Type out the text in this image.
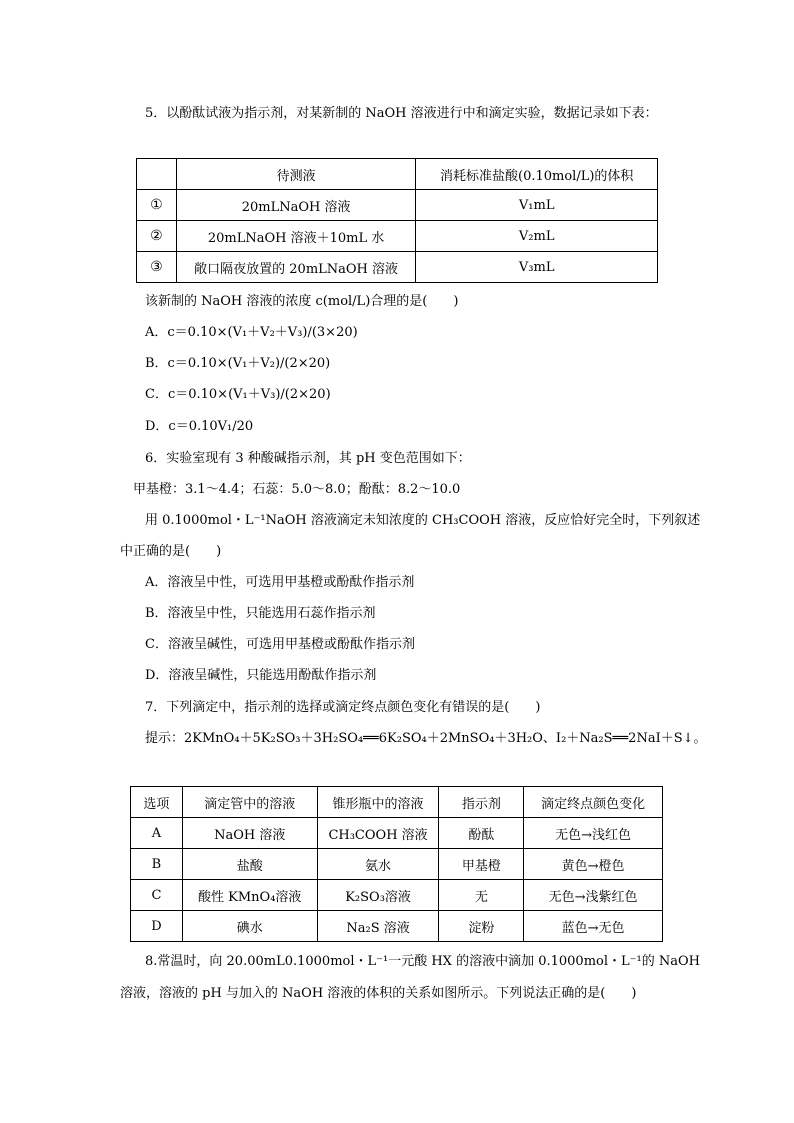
5．以酚酞试液为指示剂，对某新制的 NaOH 溶液进行中和滴定实验，数据记录如下表：
	待测液	消耗标准盐酸(0.10mol/L)的体积
①	20mLNaOH 溶液	V₁mL
②	20mLNaOH 溶液＋10mL 水	V₂mL
③	敞口隔夜放置的 20mLNaOH 溶液	V₃mL
该新制的 NaOH 溶液的浓度 c(mol/L)合理的是(　　)
A．c＝0.10×(V₁＋V₂＋V₃)/(3×20)
B．c＝0.10×(V₁＋V₂)/(2×20)
C．c＝0.10×(V₁＋V₃)/(2×20)
D．c＝0.10V₁/20
6．实验室现有 3 种酸碱指示剂，其 pH 变色范围如下：
甲基橙：3.1～4.4；石蕊：5.0～8.0；酚酞：8.2～10.0
用 0.1000mol・L⁻¹NaOH 溶液滴定未知浓度的 CH₃COOH 溶液，反应恰好完全时，下列叙述
中正确的是(　　)
A．溶液呈中性，可选用甲基橙或酚酞作指示剂
B．溶液呈中性，只能选用石蕊作指示剂
C．溶液呈碱性，可选用甲基橙或酚酞作指示剂
D．溶液呈碱性，只能选用酚酞作指示剂
7．下列滴定中，指示剂的选择或滴定终点颜色变化有错误的是(　　)
提示：2KMnO₄＋5K₂SO₃＋3H₂SO₄══6K₂SO₄＋2MnSO₄＋3H₂O、I₂＋Na₂S══2NaI＋S↓。
选项	滴定管中的溶液	锥形瓶中的溶液	指示剂	滴定终点颜色变化
A	NaOH 溶液	CH₃COOH 溶液	酚酞	无色→浅红色
B	盐酸	氨水	甲基橙	黄色→橙色
C	酸性 KMnO₄溶液	K₂SO₃溶液	无	无色→浅紫红色
D	碘水	Na₂S 溶液	淀粉	蓝色→无色
8.常温时，向 20.00mL0.1000mol・L⁻¹一元酸 HX 的溶液中滴加 0.1000mol・L⁻¹的 NaOH
溶液，溶液的 pH 与加入的 NaOH 溶液的体积的关系如图所示。下列说法正确的是(　　)
